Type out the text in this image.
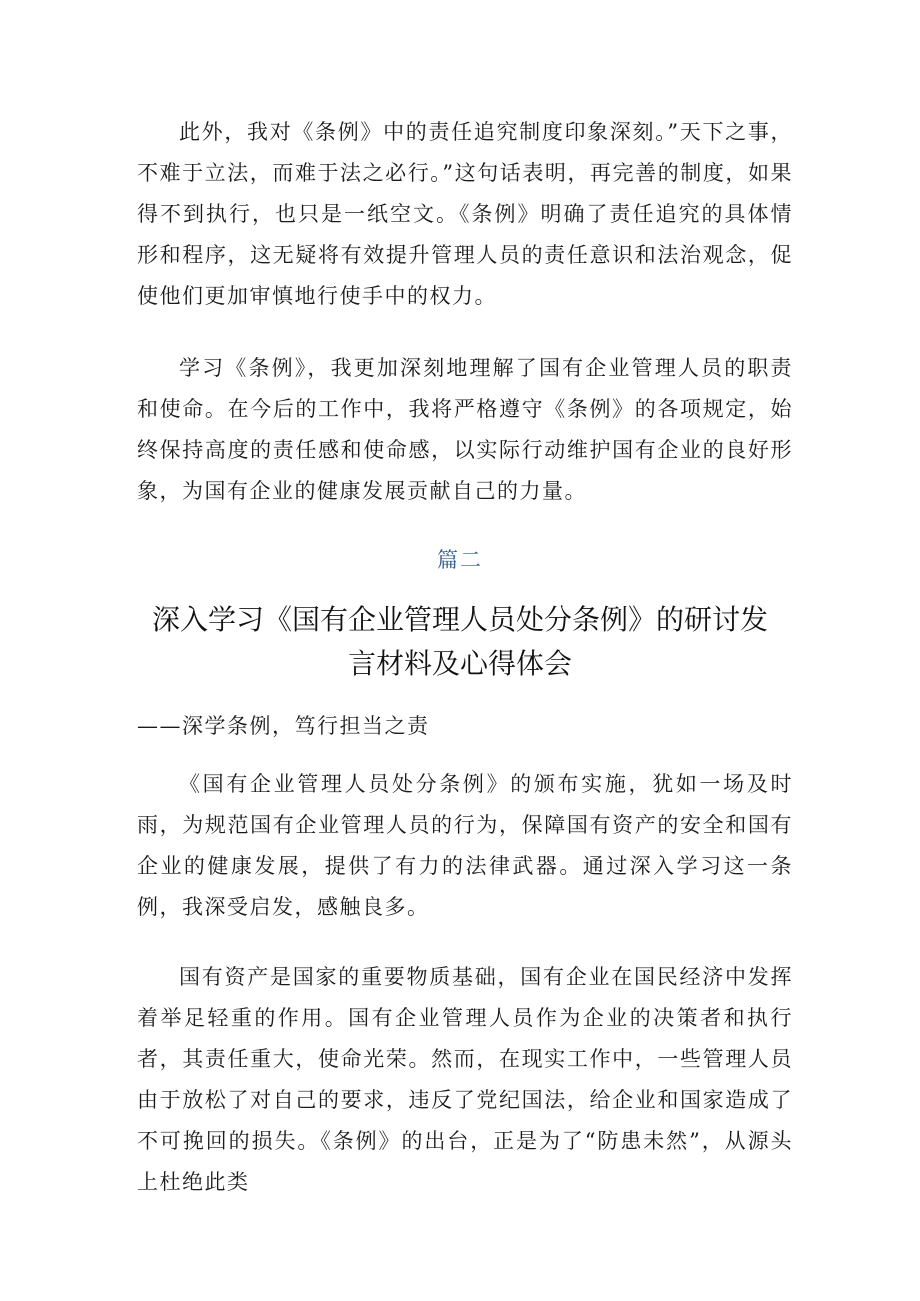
此外，我对《条例》中的责任追究制度印象深刻。”天下之事，不难于立法，而难于法之必行。”这句话表明，再完善的制度，如果得不到执行，也只是一纸空文。《条例》明确了责任追究的具体情形和程序，这无疑将有效提升管理人员的责任意识和法治观念，促使他们更加审慎地行使手中的权力。

学习《条例》，我更加深刻地理解了国有企业管理人员的职责和使命。在今后的工作中，我将严格遵守《条例》的各项规定，始终保持高度的责任感和使命感，以实际行动维护国有企业的良好形象，为国有企业的健康发展贡献自己的力量。

篇二

深入学习《国有企业管理人员处分条例》的研讨发言材料及心得体会

——深学条例，笃行担当之责

《国有企业管理人员处分条例》的颁布实施，犹如一场及时雨，为规范国有企业管理人员的行为，保障国有资产的安全和国有企业的健康发展，提供了有力的法律武器。通过深入学习这一条例，我深受启发，感触良多。

国有资产是国家的重要物质基础，国有企业在国民经济中发挥着举足轻重的作用。国有企业管理人员作为企业的决策者和执行者，其责任重大，使命光荣。然而，在现实工作中，一些管理人员由于放松了对自己的要求，违反了党纪国法，给企业和国家造成了不可挽回的损失。《条例》的出台，正是为了“防患未然”，从源头上杜绝此类
